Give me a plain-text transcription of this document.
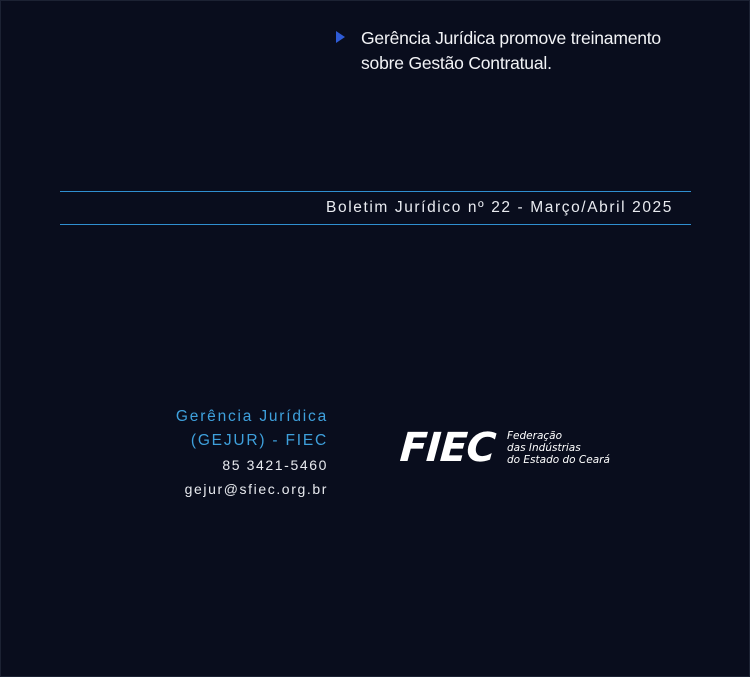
Gerência Jurídica promove treinamento
sobre Gestão Contratual.
Boletim Jurídico nº 22 - Março/Abril 2025
Gerência Jurídica
(GEJUR) - FIEC
85 3421-5460
gejur@sfiec.org.br
FIEC Federação
das Indústrias
do Estado do Ceará
